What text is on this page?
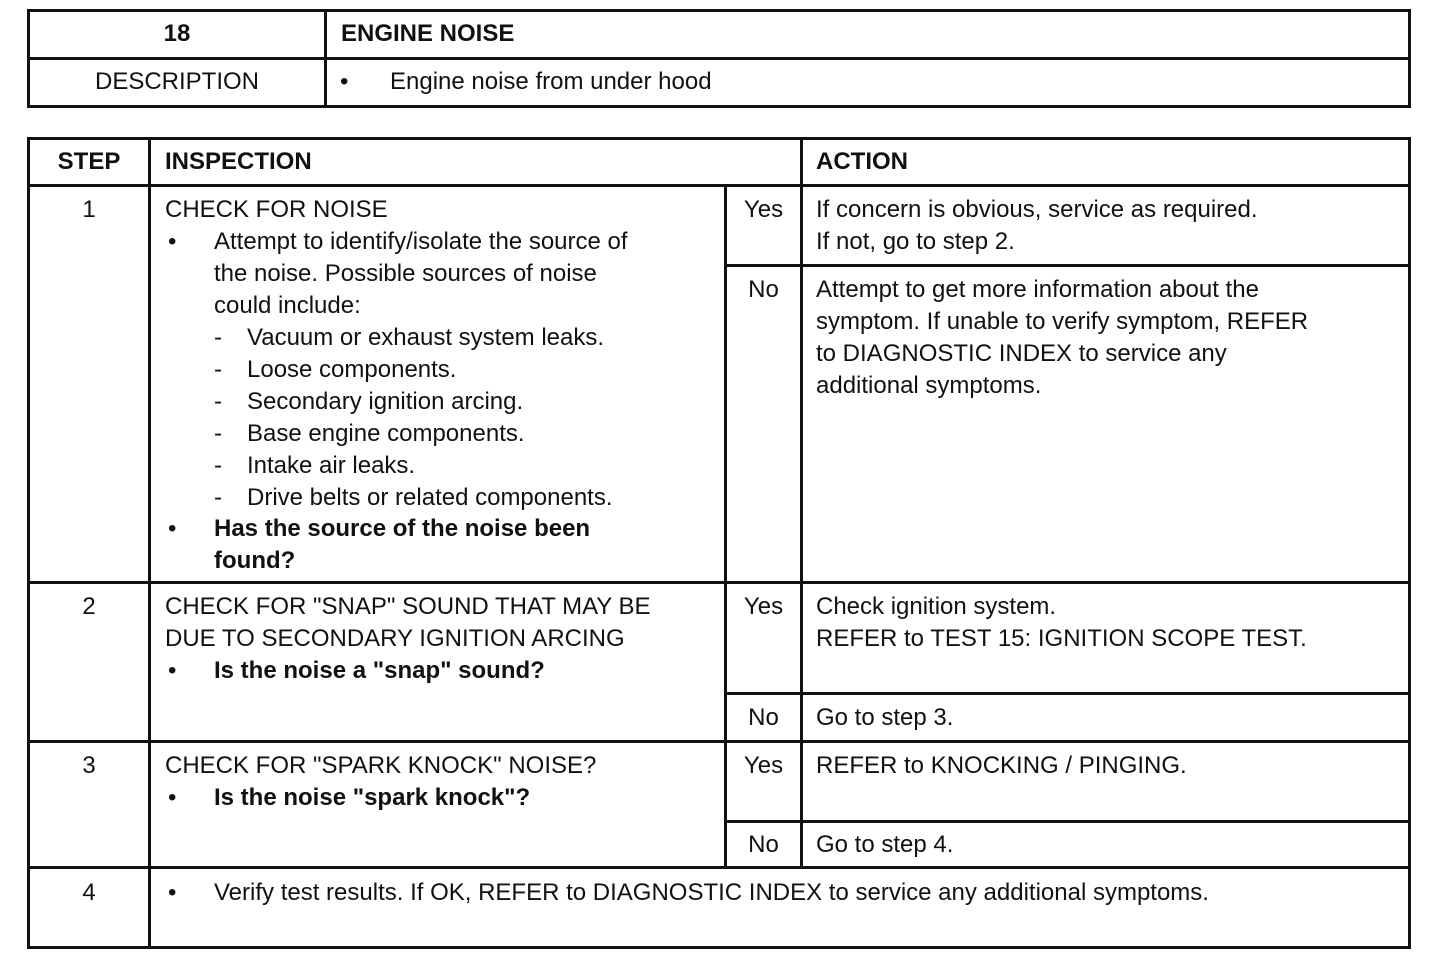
18	ENGINE NOISE
DESCRIPTION	• Engine noise from under hood
STEP	INSPECTION	ACTION
1	CHECK FOR NOISE
• Attempt to identify/isolate the source of
the noise. Possible sources of noise
could include:
- Vacuum or exhaust system leaks.
- Loose components.
- Secondary ignition arcing.
- Base engine components.
- Intake air leaks.
- Drive belts or related components.
• Has the source of the noise been
found?
Yes	If concern is obvious, service as required.
If not, go to step 2.
No	Attempt to get more information about the
symptom. If unable to verify symptom, REFER
to DIAGNOSTIC INDEX to service any
additional symptoms.
2	CHECK FOR "SNAP" SOUND THAT MAY BE
DUE TO SECONDARY IGNITION ARCING
• Is the noise a "snap" sound?
Yes	Check ignition system.
REFER to TEST 15: IGNITION SCOPE TEST.
No	Go to step 3.
3	CHECK FOR "SPARK KNOCK" NOISE?
• Is the noise "spark knock"?
Yes	REFER to KNOCKING / PINGING.
No	Go to step 4.
4	• Verify test results. If OK, REFER to DIAGNOSTIC INDEX to service any additional symptoms.
